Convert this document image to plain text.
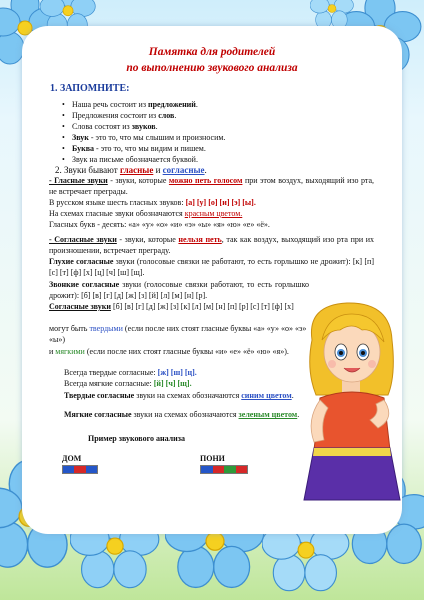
Памятка для родителей
по выполнению звукового анализа
1. ЗАПОМНИТЕ:
• Наша речь состоит из предложений.
• Предложения состоит из слов.
• Слова состоят из звуков.
• Звук - это то, что мы слышим и произносим.
• Буква - это то, что мы видим и пишем.
• Звук на письме обозначается буквой.
2. Звуки бывают гласные и согласные.
- Гласные звуки - звуки, которые можно петь голосом при этом воздух, выходящий изо рта, не встречает преграды.
В русском языке шесть гласных звуков: [а] [у] [о] [и] [э] [ы].
На схемах гласные звуки обозначаются красным цветом.
Гласных букв - десять: «а» «у» «о» «и» «э» «ы» «я» «ю» «е» «ё».
- Согласные звуки - звуки, которые нельзя петь, так как воздух, выходящий изо рта при их произношении, встречает преграду.
Глухие согласные звуки (голосовые связки не работают, то есть горлышко не дрожит): [к] [п] [с] [т] [ф] [х] [ц] [ч] [ш] [щ].
Звонкие согласные звуки (голосовые связки работают, то есть горлышко дрожит): [б] [в] [г] [д] [ж] [з] [й] [л] [м] [н] [р].
Согласные звуки [б] [в] [г] [д] [ж] [з] [к] [л] [м] [н] [п] [р] [с] [т] [ф] [х]
могут быть твердыми (если после них стоят гласные буквы «а» «у» «о» «э» «ы»)
и мягкими (если после них стоят гласные буквы «и» «е» «ё» «ю» «я»).
Всегда твердые согласные: [ж] [ш] [ц].
Всегда мягкие согласные: [й] [ч] [щ].
Твердые согласные звуки на схемах обозначаются синим цветом.
Мягкие согласные звуки на схемах обозначаются зеленым цветом.
Пример звукового анализа
ДОМ	ПОНИ
